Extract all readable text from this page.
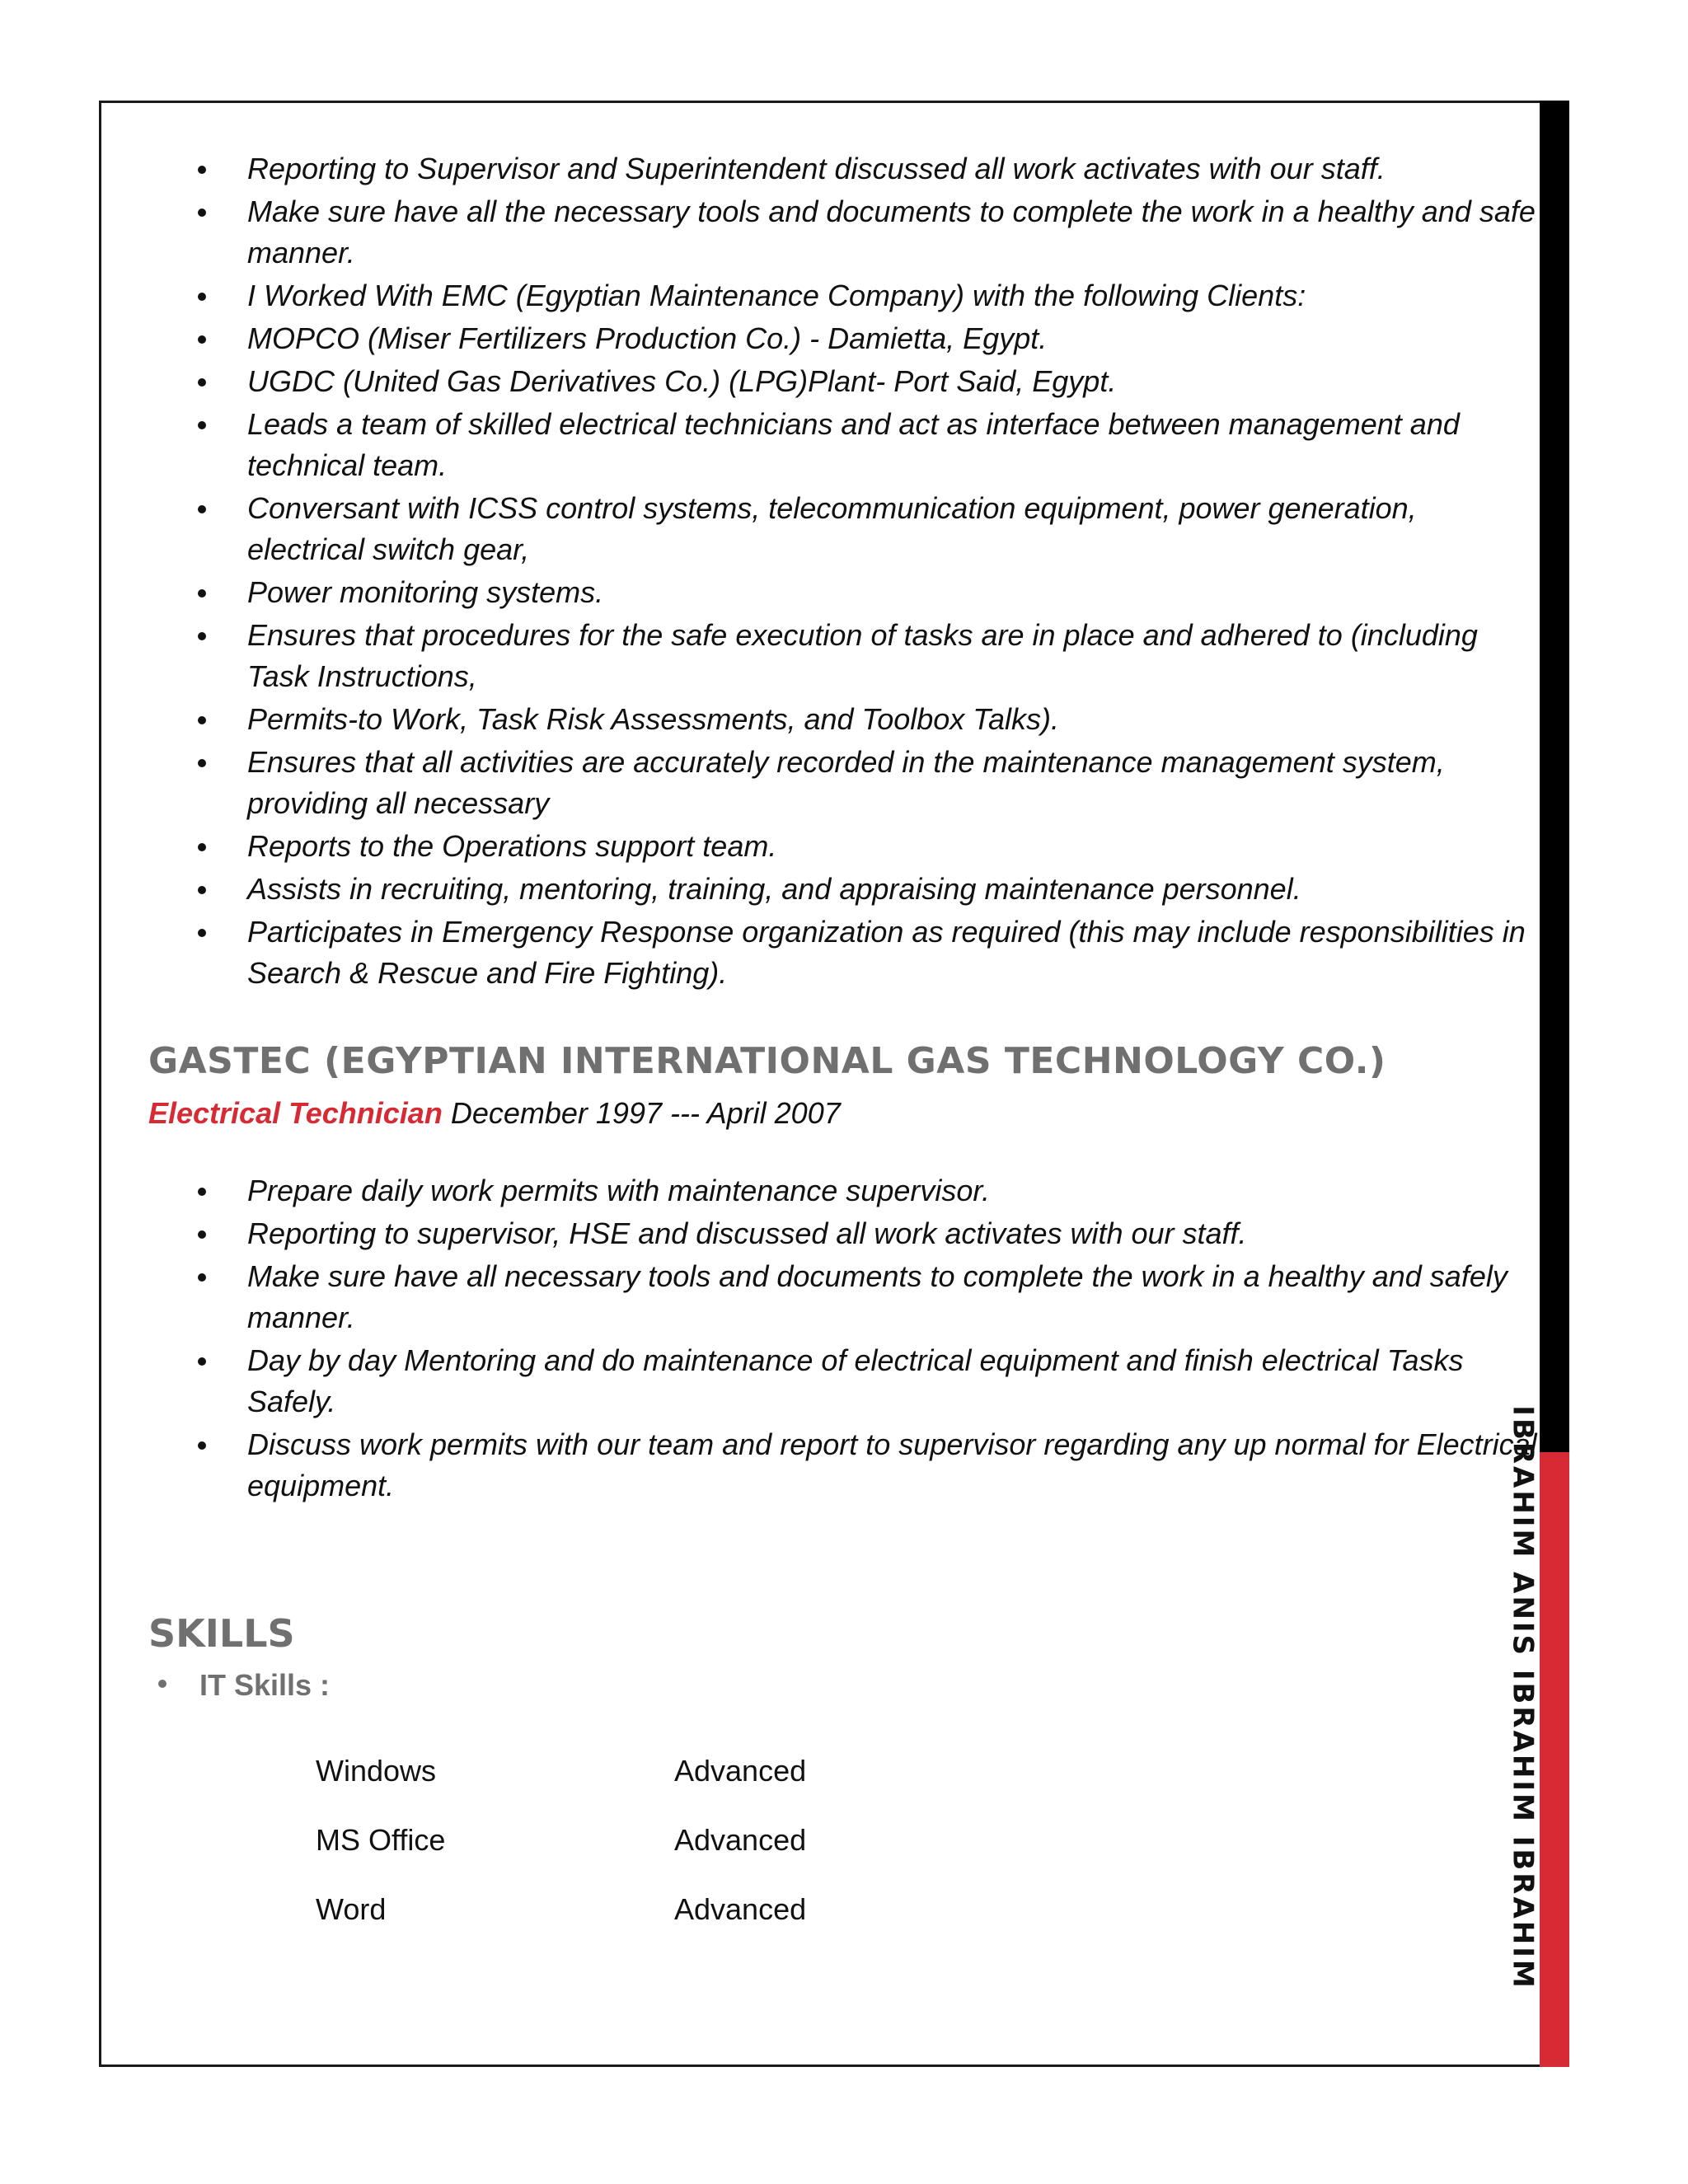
IBRAHIM ANIS IBRAHIM IBRAHIM
Reporting to Supervisor and Superintendent discussed all work activates with our staff.
Make sure have all the necessary tools and documents to complete the work in a healthy and safe manner.
I Worked With EMC (Egyptian Maintenance Company) with the following Clients:
MOPCO (Miser Fertilizers Production Co.) - Damietta, Egypt.
UGDC (United Gas Derivatives Co.) (LPG)Plant- Port Said, Egypt.
Leads a team of skilled electrical technicians and act as interface between management and technical team.
Conversant with ICSS control systems, telecommunication equipment, power generation, electrical switch gear,
Power monitoring systems.
Ensures that procedures for the safe execution of tasks are in place and adhered to (including Task Instructions,
Permits-to Work, Task Risk Assessments, and Toolbox Talks).
Ensures that all activities are accurately recorded in the maintenance management system, providing all necessary
Reports to the Operations support team.
Assists in recruiting, mentoring, training, and appraising maintenance personnel.
Participates in Emergency Response organization as required (this may include responsibilities in Search & Rescue and Fire Fighting).
GASTEC (EGYPTIAN INTERNATIONAL GAS TECHNOLOGY CO.)
Electrical Technician December 1997 --- April 2007
Prepare daily work permits with maintenance supervisor.
Reporting to supervisor, HSE and discussed all work activates with our staff.
Make sure have all necessary tools and documents to complete the work in a healthy and safely manner.
Day by day Mentoring and do maintenance of electrical equipment and finish electrical Tasks Safely.
Discuss work permits with our team and report to supervisor regarding any up normal for Electrical equipment.
SKILLS
IT Skills :
Windows	Advanced
MS Office	Advanced
Word	Advanced
